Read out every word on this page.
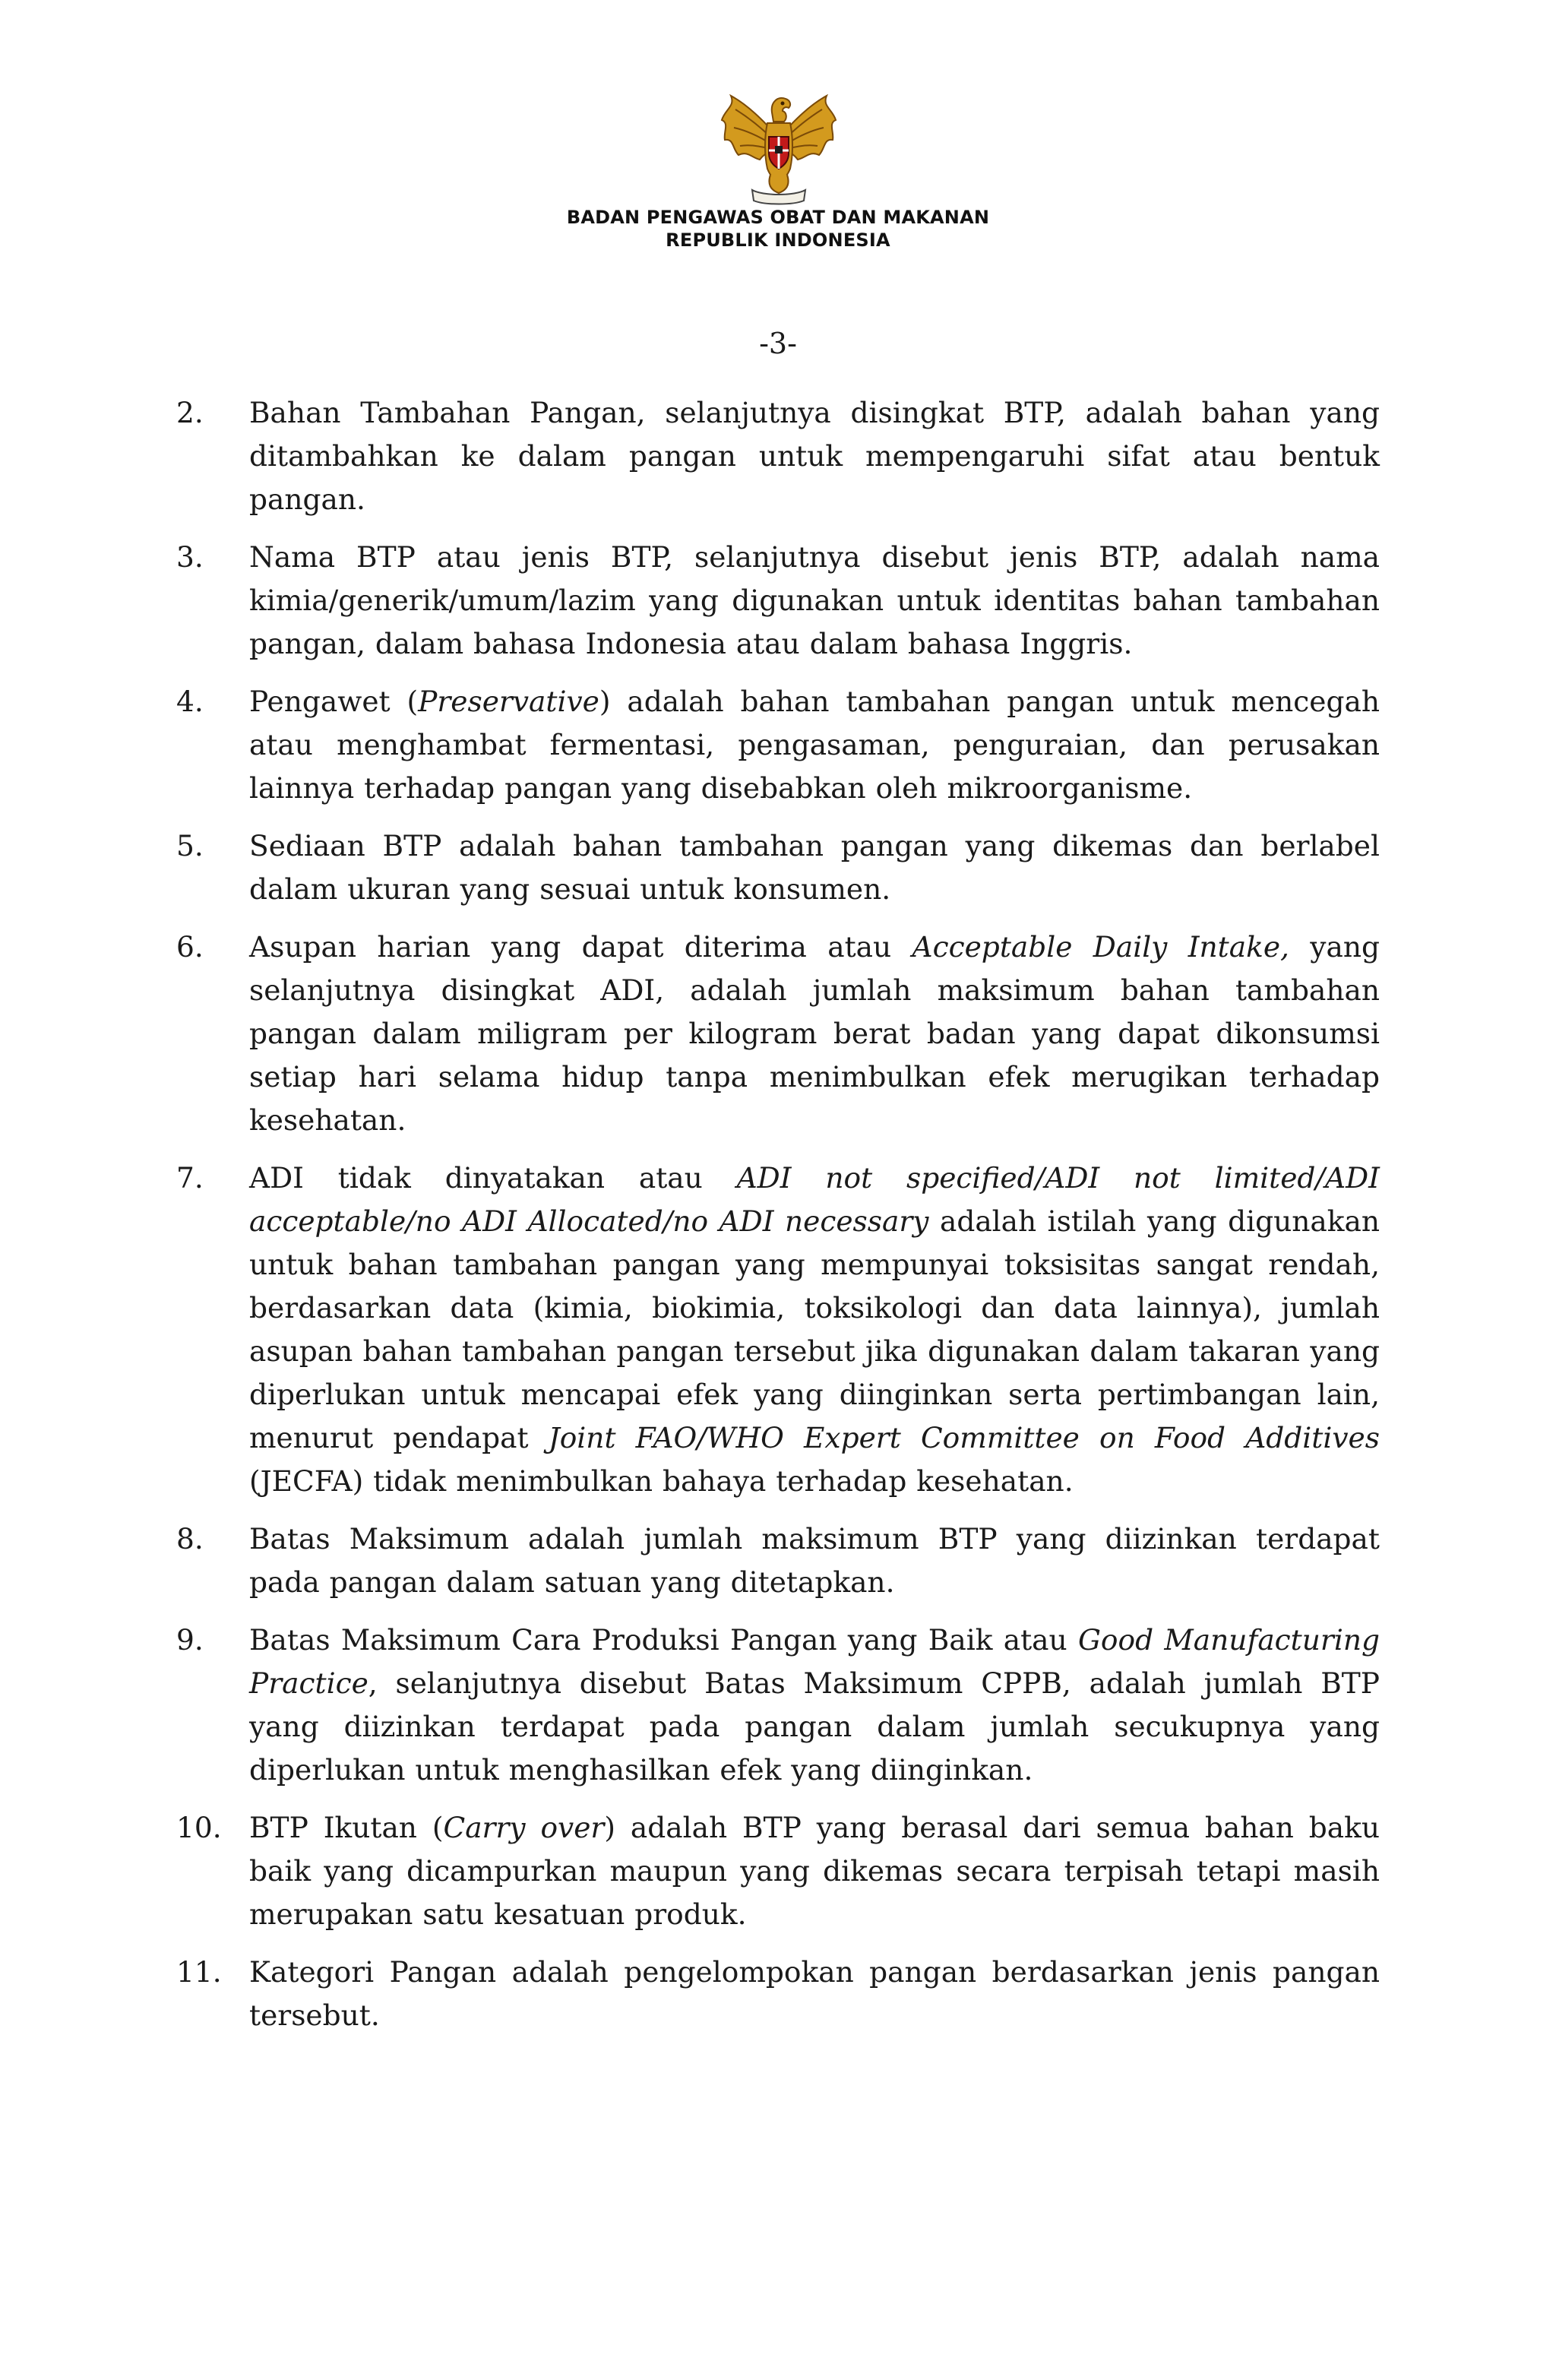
BADAN PENGAWAS OBAT DAN MAKANAN
REPUBLIK INDONESIA
-3-
2.	Bahan Tambahan Pangan, selanjutnya disingkat BTP, adalah bahan yang ditambahkan ke dalam pangan untuk mempengaruhi sifat atau bentuk pangan.
3.	Nama BTP atau jenis BTP, selanjutnya disebut jenis BTP, adalah nama kimia/generik/umum/lazim yang digunakan untuk identitas bahan tambahan pangan, dalam bahasa Indonesia atau dalam bahasa Inggris.
4.	Pengawet (Preservative) adalah bahan tambahan pangan untuk mencegah atau menghambat fermentasi, pengasaman, penguraian, dan perusakan lainnya terhadap pangan yang disebabkan oleh mikroorganisme.
5.	Sediaan BTP adalah bahan tambahan pangan yang dikemas dan berlabel dalam ukuran yang sesuai untuk konsumen.
6.	Asupan harian yang dapat diterima atau Acceptable Daily Intake, yang selanjutnya disingkat ADI, adalah jumlah maksimum bahan tambahan pangan dalam miligram per kilogram berat badan yang dapat dikonsumsi setiap hari selama hidup tanpa menimbulkan efek merugikan terhadap kesehatan.
7.	ADI tidak dinyatakan atau ADI not specified/ADI not limited/ADI acceptable/no ADI Allocated/no ADI necessary adalah istilah yang digunakan untuk bahan tambahan pangan yang mempunyai toksisitas sangat rendah, berdasarkan data (kimia, biokimia, toksikologi dan data lainnya), jumlah asupan bahan tambahan pangan tersebut jika digunakan dalam takaran yang diperlukan untuk mencapai efek yang diinginkan serta pertimbangan lain, menurut pendapat Joint FAO/WHO Expert Committee on Food Additives (JECFA) tidak menimbulkan bahaya terhadap kesehatan.
8.	Batas Maksimum adalah jumlah maksimum BTP yang diizinkan terdapat pada pangan dalam satuan yang ditetapkan.
9.	Batas Maksimum Cara Produksi Pangan yang Baik atau Good Manufacturing Practice, selanjutnya disebut Batas Maksimum CPPB, adalah jumlah BTP yang diizinkan terdapat pada pangan dalam jumlah secukupnya yang diperlukan untuk menghasilkan efek yang diinginkan.
10. BTP Ikutan (Carry over) adalah BTP yang berasal dari semua bahan baku baik yang dicampurkan maupun yang dikemas secara terpisah tetapi masih merupakan satu kesatuan produk.
11. Kategori Pangan adalah pengelompokan pangan berdasarkan jenis pangan tersebut.
